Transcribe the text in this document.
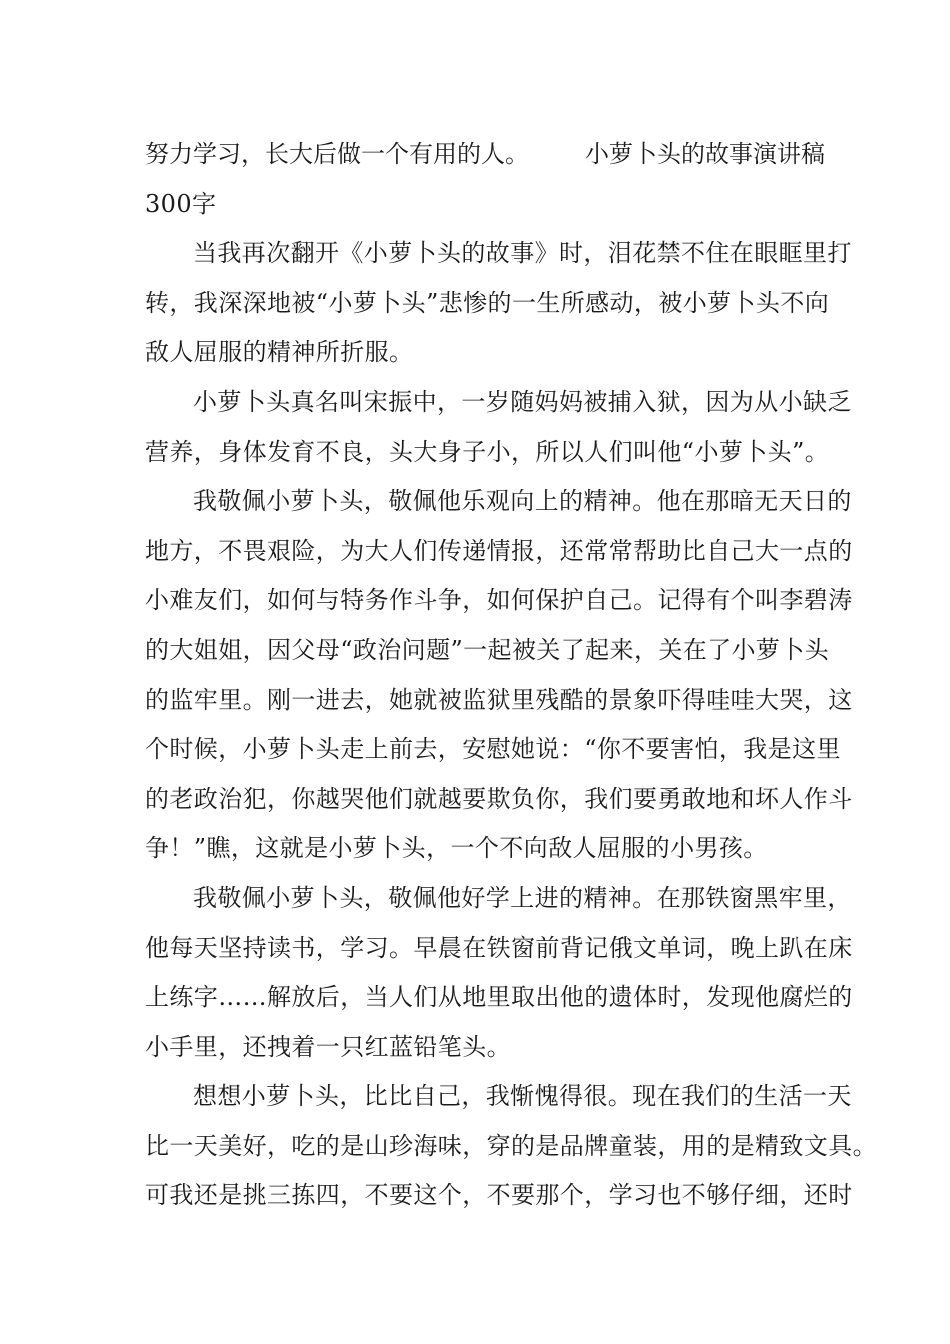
努力学习，长大后做一个有用的人。 小萝卜头的故事演讲稿
300字
当我再次翻开《小萝卜头的故事》时，泪花禁不住在眼眶里打
转，我深深地被“小萝卜头”悲惨的一生所感动，被小萝卜头不向
敌人屈服的精神所折服。
小萝卜头真名叫宋振中，一岁随妈妈被捕入狱，因为从小缺乏
营养，身体发育不良，头大身子小，所以人们叫他“小萝卜头”。
我敬佩小萝卜头，敬佩他乐观向上的精神。他在那暗无天日的
地方，不畏艰险，为大人们传递情报，还常常帮助比自己大一点的
小难友们，如何与特务作斗争，如何保护自己。记得有个叫李碧涛
的大姐姐，因父母“政治问题”一起被关了起来，关在了小萝卜头
的监牢里。刚一进去，她就被监狱里残酷的景象吓得哇哇大哭，这
个时候，小萝卜头走上前去，安慰她说：“你不要害怕，我是这里
的老政治犯，你越哭他们就越要欺负你，我们要勇敢地和坏人作斗
争！”瞧，这就是小萝卜头，一个不向敌人屈服的小男孩。
我敬佩小萝卜头，敬佩他好学上进的精神。在那铁窗黑牢里，
他每天坚持读书，学习。早晨在铁窗前背记俄文单词，晚上趴在床
上练字……解放后，当人们从地里取出他的遗体时，发现他腐烂的
小手里，还拽着一只红蓝铅笔头。
想想小萝卜头，比比自己，我惭愧得很。现在我们的生活一天
比一天美好，吃的是山珍海味，穿的是品牌童装，用的是精致文具。
可我还是挑三拣四，不要这个，不要那个，学习也不够仔细，还时
